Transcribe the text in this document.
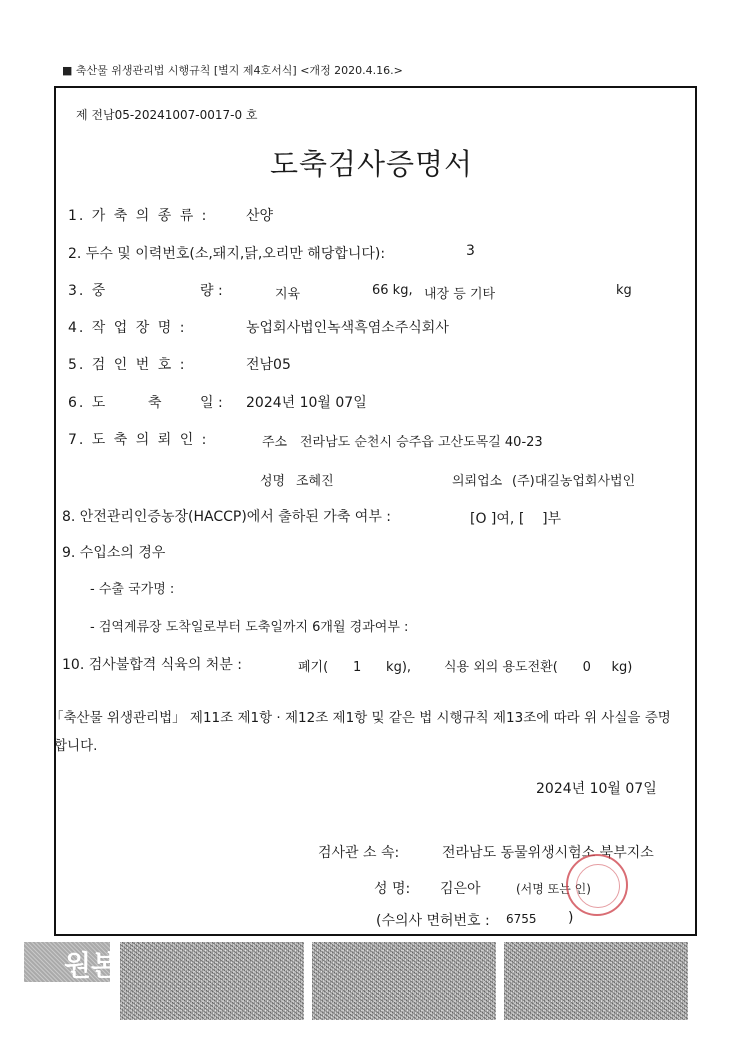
■ 축산물 위생관리법 시행규칙 [별지 제4호서식] <개정 2020.4.16.>
제 전남05-20241007-0017-0 호
도축검사증명서
1. 가 축 의 종 류 :	산양
2. 두수 및 이력번호(소,돼지,닭,오리만 해당합니다):	3
3. 중	량 :	지육	66 kg, 내장 등 기타	kg
4. 작 업 장 명 :	농업회사법인녹색흑염소주식회사
5. 검 인 번 호 :	전남05
6. 도	축	일 : 2024년 10월 07일
7. 도 축 의 뢰 인 :	주소 전라남도 순천시 승주읍 고산도목길 40-23
성명 조혜진	의뢰업소 (주)대길농업회사법인
8. 안전관리인증농장(HACCP)에서 출하된 가축 여부 :	[O ]여, [    ]부
9. 수입소의 경우
- 수출 국가명 :
- 검역계류장 도착일로부터 도축일까지 6개월 경과여부 :
10. 검사불합격 식육의 처분 :	폐기(      1      kg),	식용 외의 용도전환(      0     kg)
「축산물 위생관리법」 제11조 제1항 · 제12조 제1항 및 같은 법 시행규칙 제13조에 따라 위 사실을 증명
합니다.
2024년 10월 07일
검사관 소 속:	전라남도 동물위생시험소 북부지소
성 명: 김은아	(서명 또는 인)
(수의사 면허번호 : 6755 )
원본
